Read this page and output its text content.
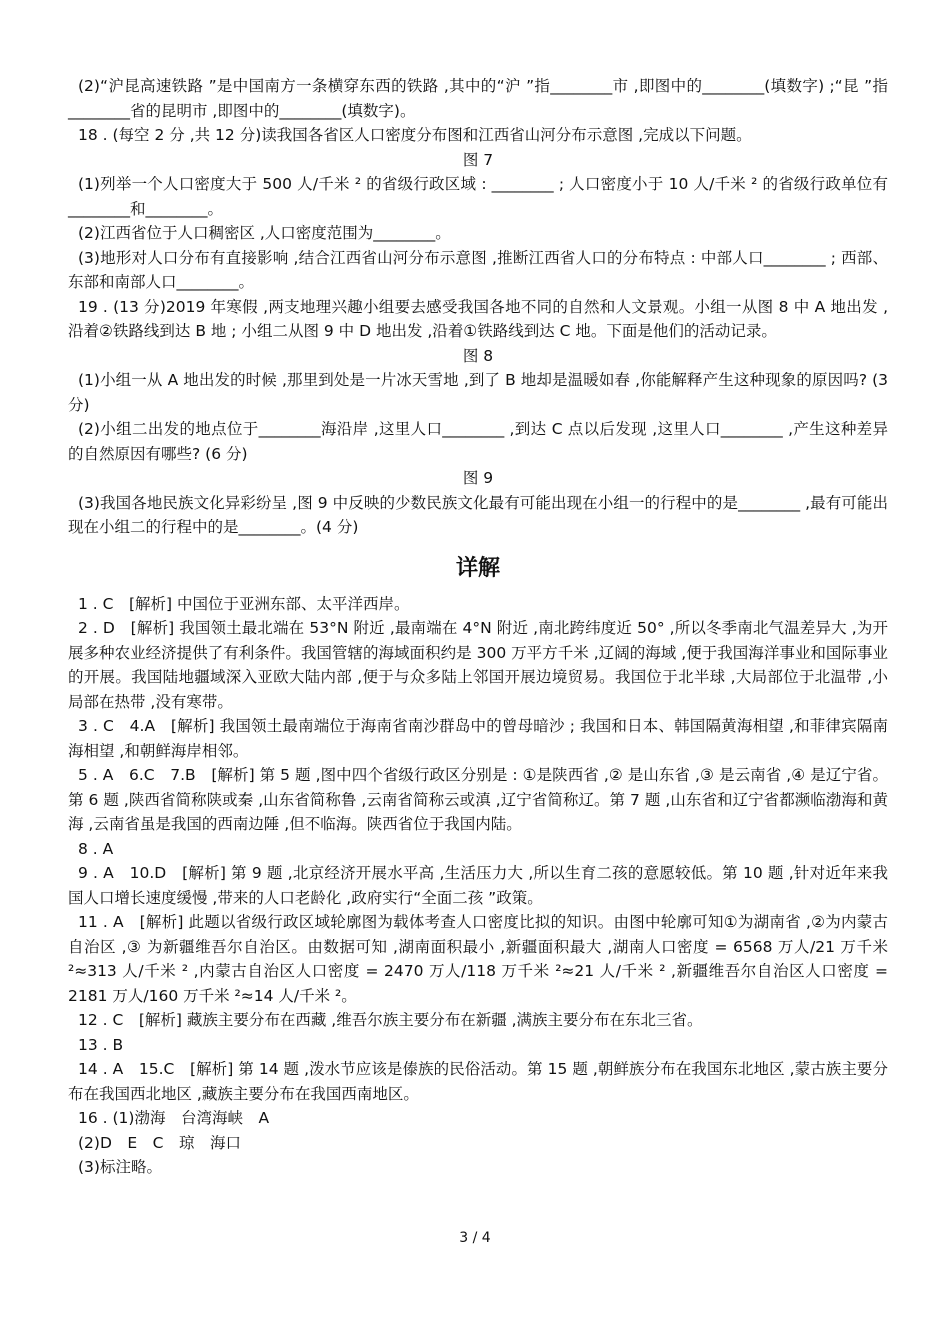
(2)“沪昆高速铁路 ”是中国南方一条横穿东西的铁路 ,其中的“沪 ”指________市 ,即图中的________(填数字) ;“昆 ”指________省的昆明市 ,即图中的________(填数字)。

18 . (每空 2 分 ,共 12 分)读我国各省区人口密度分布图和江西省山河分布示意图 ,完成以下问题。

图 7

(1)列举一个人口密度大于 500 人/千米 ² 的省级行政区域 : ________ ; 人口密度小于 10 人/千米 ² 的省级行政单位有________和________。

(2)江西省位于人口稠密区 ,人口密度范围为________。

(3)地形对人口分布有直接影响 ,结合江西省山河分布示意图 ,推断江西省人口的分布特点 : 中部人口________ ; 西部、东部和南部人口________。

19 . (13 分)2019 年寒假 ,两支地理兴趣小组要去感受我国各地不同的自然和人文景观。小组一从图 8 中 A 地出发 ,沿着②铁路线到达 B 地 ; 小组二从图 9 中 D 地出发 ,沿着①铁路线到达 C 地。下面是他们的活动记录。

图 8

(1)小组一从 A 地出发的时候 ,那里到处是一片冰天雪地 ,到了 B 地却是温暖如春 ,你能解释产生这种现象的原因吗? (3 分)

(2)小组二出发的地点位于________海沿岸 ,这里人口________ ,到达 C 点以后发现 ,这里人口________ ,产生这种差异的自然原因有哪些? (6 分)

图 9

(3)我国各地民族文化异彩纷呈 ,图 9 中反映的少数民族文化最有可能出现在小组一的行程中的是________ ,最有可能出现在小组二的行程中的是________。(4 分)

详解

1 . C　[解析] 中国位于亚洲东部、太平洋西岸。

2 . D　[解析] 我国领土最北端在 53°N 附近 ,最南端在 4°N 附近 ,南北跨纬度近 50° ,所以冬季南北气温差异大 ,为开展多种农业经济提供了有利条件。我国管辖的海域面积约是 300 万平方千米 ,辽阔的海域 ,便于我国海洋事业和国际事业的开展。我国陆地疆域深入亚欧大陆内部 ,便于与众多陆上邻国开展边境贸易。我国位于北半球 ,大局部位于北温带 ,小局部在热带 ,没有寒带。

3 . C　4.A　[解析] 我国领土最南端位于海南省南沙群岛中的曾母暗沙 ; 我国和日本、韩国隔黄海相望 ,和菲律宾隔南海相望 ,和朝鲜海岸相邻。

5 . A　6.C　7.B　[解析] 第 5 题 ,图中四个省级行政区分别是 : ①是陕西省 ,② 是山东省 ,③ 是云南省 ,④ 是辽宁省。第 6 题 ,陕西省简称陕或秦 ,山东省简称鲁 ,云南省简称云或滇 ,辽宁省简称辽。第 7 题 ,山东省和辽宁省都濒临渤海和黄海 ,云南省虽是我国的西南边陲 ,但不临海。陕西省位于我国内陆。

8 . A

9 . A　10.D　[解析] 第 9 题 ,北京经济开展水平高 ,生活压力大 ,所以生育二孩的意愿较低。第 10 题 ,针对近年来我国人口增长速度缓慢 ,带来的人口老龄化 ,政府实行“全面二孩 ”政策。

11 . A　[解析] 此题以省级行政区域轮廓图为载体考查人口密度比拟的知识。由图中轮廓可知①为湖南省 ,②为内蒙古自治区 ,③ 为新疆维吾尔自治区。由数据可知 ,湖南面积最小 ,新疆面积最大 ,湖南人口密度 = 6568 万人/21 万千米 ²≈313 人/千米 ² ,内蒙古自治区人口密度 = 2470 万人/118 万千米 ²≈21 人/千米 ² ,新疆维吾尔自治区人口密度 = 2181 万人/160 万千米 ²≈14 人/千米 ²。

12 . C　[解析] 藏族主要分布在西藏 ,维吾尔族主要分布在新疆 ,满族主要分布在东北三省。

13 . B

14 . A　15.C　[解析] 第 14 题 ,泼水节应该是傣族的民俗活动。第 15 题 ,朝鲜族分布在我国东北地区 ,蒙古族主要分布在我国西北地区 ,藏族主要分布在我国西南地区。

16 . (1)渤海　台湾海峡　A

(2)D　E　C　琼　海口

(3)标注略。

3 / 4
